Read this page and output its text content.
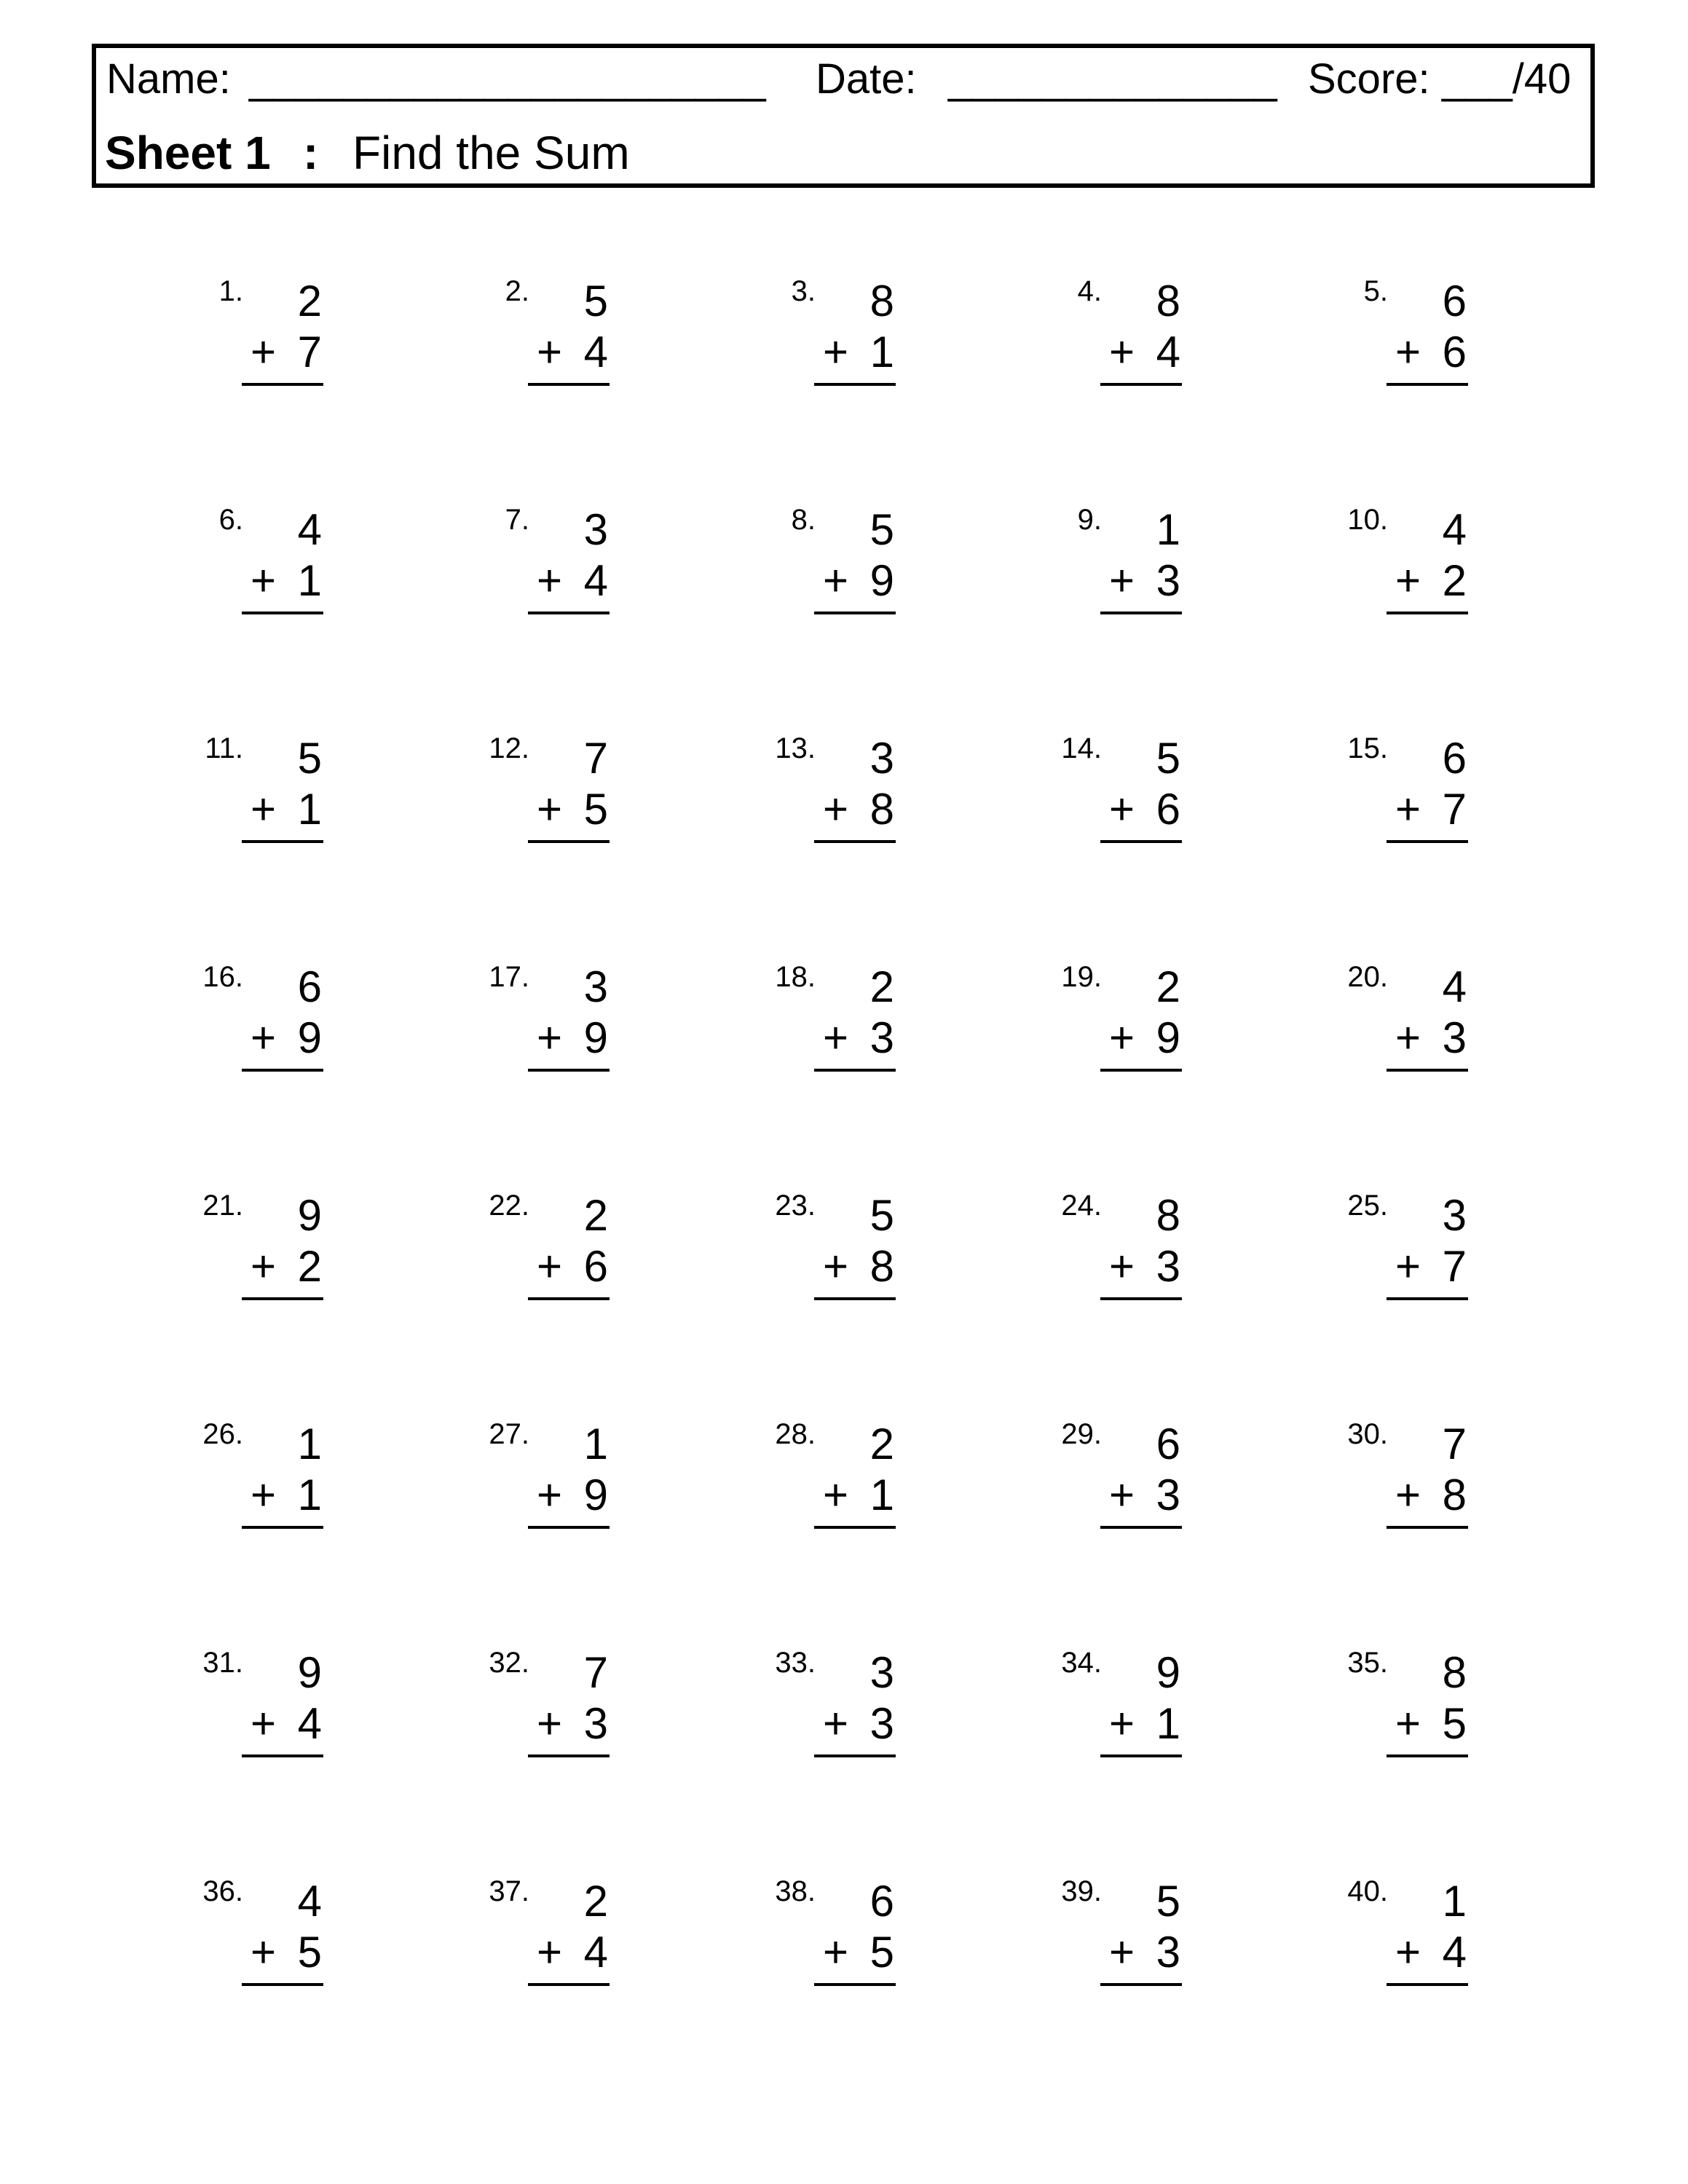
Name: ______________________ Date: ______________ Score: ___/40
Sheet 1 : Find the Sum
1.	2
+ 7
2.	5
+ 4
3.	8
+ 1
4.	8
+ 4
5.	6
+ 6
6.	4
+ 1
7.	3
+ 4
8.	5
+ 9
9.	1
+ 3
10.	4
+ 2
11.	5
+ 1
12.	7
+ 5
13.	3
+ 8
14.	5
+ 6
15.	6
+ 7
16.	6
+ 9
17.	3
+ 9
18.	2
+ 3
19.	2
+ 9
20.	4
+ 3
21.	9
+ 2
22.	2
+ 6
23.	5
+ 8
24.	8
+ 3
25.	3
+ 7
26.	1
+ 1
27.	1
+ 9
28.	2
+ 1
29.	6
+ 3
30.	7
+ 8
31.	9
+ 4
32.	7
+ 3
33.	3
+ 3
34.	9
+ 1
35.	8
+ 5
36.	4
+ 5
37.	2
+ 4
38.	6
+ 5
39.	5
+ 3
40.	1
+ 4
